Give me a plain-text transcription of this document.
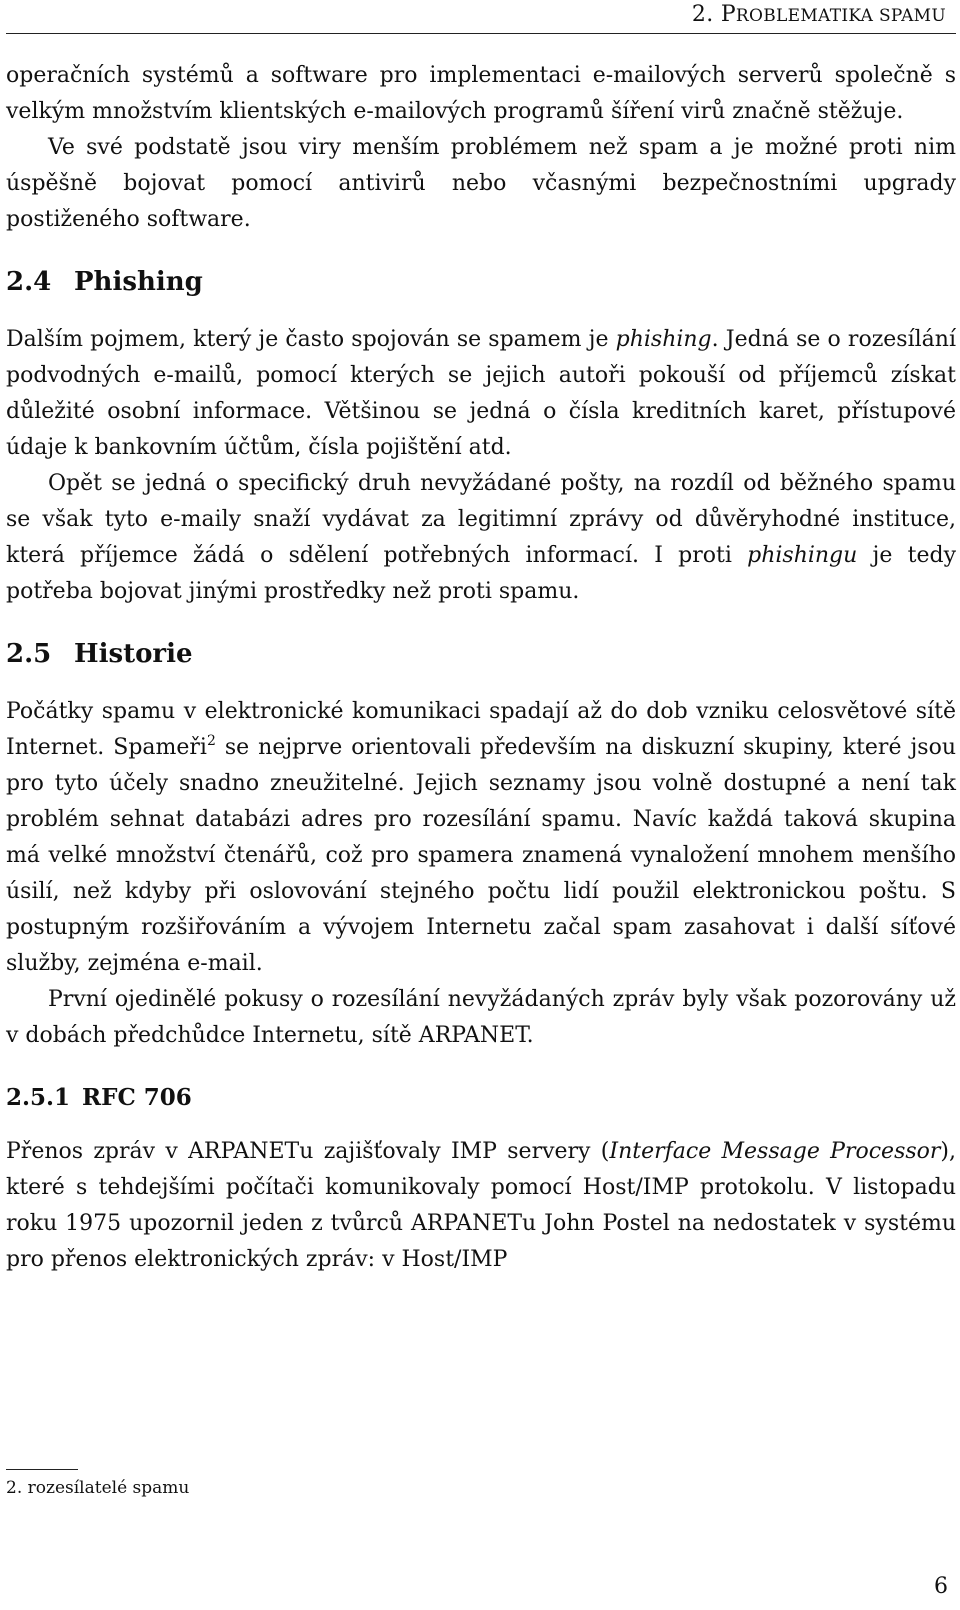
2. PROBLEMATIKA SPAMU

operačních systémů a software pro implementaci e-mailových serverů společně s velkým množstvím klientských e-mailových programů šíření virů značně stěžuje.

Ve své podstatě jsou viry menším problémem než spam a je možné proti nim úspěšně bojovat pomocí antivirů nebo včasnými bezpečnostními upgrady postiženého software.

2.4 Phishing

Dalším pojmem, který je často spojován se spamem je phishing. Jedná se o rozesílání podvodných e-mailů, pomocí kterých se jejich autoři pokouší od příjemců získat důležité osobní informace. Většinou se jedná o čísla kreditních karet, přístupové údaje k bankovním účtům, čísla pojištění atd.

Opět se jedná o specifický druh nevyžádané pošty, na rozdíl od běžného spamu se však tyto e-maily snaží vydávat za legitimní zprávy od důvěryhodné instituce, která příjemce žádá o sdělení potřebných informací. I proti phishingu je tedy potřeba bojovat jinými prostředky než proti spamu.

2.5 Historie

Počátky spamu v elektronické komunikaci spadají až do dob vzniku celosvětové sítě Internet. Spameři$^2$ se nejprve orientovali především na diskuzní skupiny, které jsou pro tyto účely snadno zneužitelné. Jejich seznamy jsou volně dostupné a není tak problém sehnat databázi adres pro rozesílání spamu. Navíc každá taková skupina má velké množství čtenářů, což pro spamera znamená vynaložení mnohem menšího úsilí, než kdyby při oslovování stejného počtu lidí použil elektronickou poštu. S postupným rozšiřováním a vývojem Internetu začal spam zasahovat i další síťové služby, zejména e-mail.

První ojedinělé pokusy o rozesílání nevyžádaných zpráv byly však pozorovány už v dobách předchůdce Internetu, sítě ARPANET.

2.5.1 RFC 706

Přenos zpráv v ARPANETu zajišťovaly IMP servery (Interface Message Processor), které s tehdejšími počítači komunikovaly pomocí Host/IMP protokolu. V listopadu roku 1975 upozornil jeden z tvůrců ARPANETu John Postel na nedostatek v systému pro přenos elektronických zpráv: v Host/IMP

2. rozesílatelé spamu
6
